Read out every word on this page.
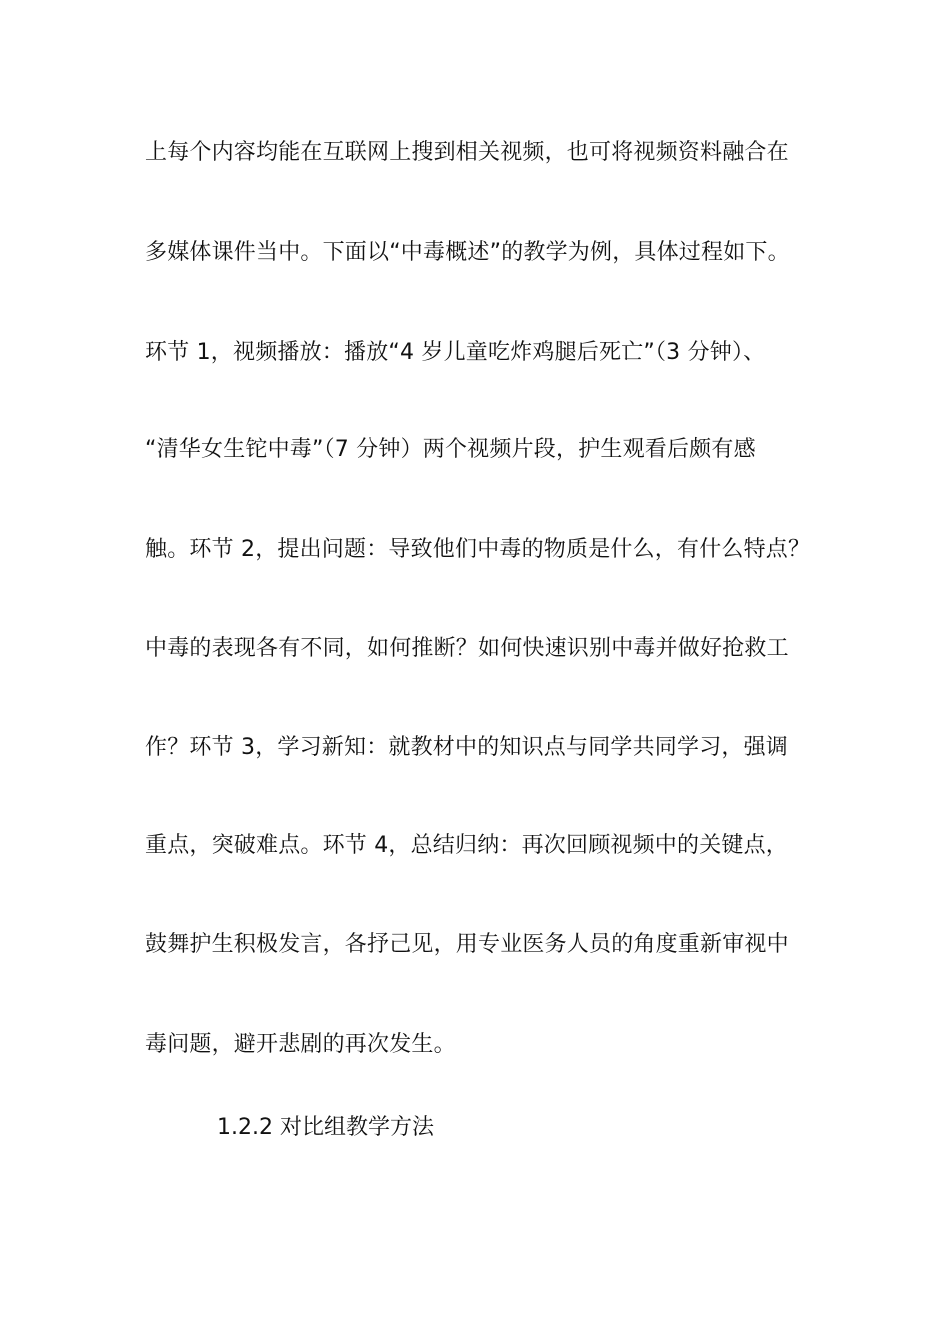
上每个内容均能在互联网上搜到相关视频，也可将视频资料融合在
多媒体课件当中。下面以“中毒概述”的教学为例，具体过程如下。
环节 1，视频播放：播放“4 岁儿童吃炸鸡腿后死亡”（3 分钟）、
“清华女生铊中毒”（7 分钟）两个视频片段，护生观看后颇有感
触。环节 2，提出问题：导致他们中毒的物质是什么，有什么特点？
中毒的表现各有不同，如何推断？如何快速识别中毒并做好抢救工
作？环节 3，学习新知：就教材中的知识点与同学共同学习，强调
重点，突破难点。环节 4，总结归纳：再次回顾视频中的关键点，
鼓舞护生积极发言，各抒己见，用专业医务人员的角度重新审视中
毒问题，避开悲剧的再次发生。
1.2.2 对比组教学方法
